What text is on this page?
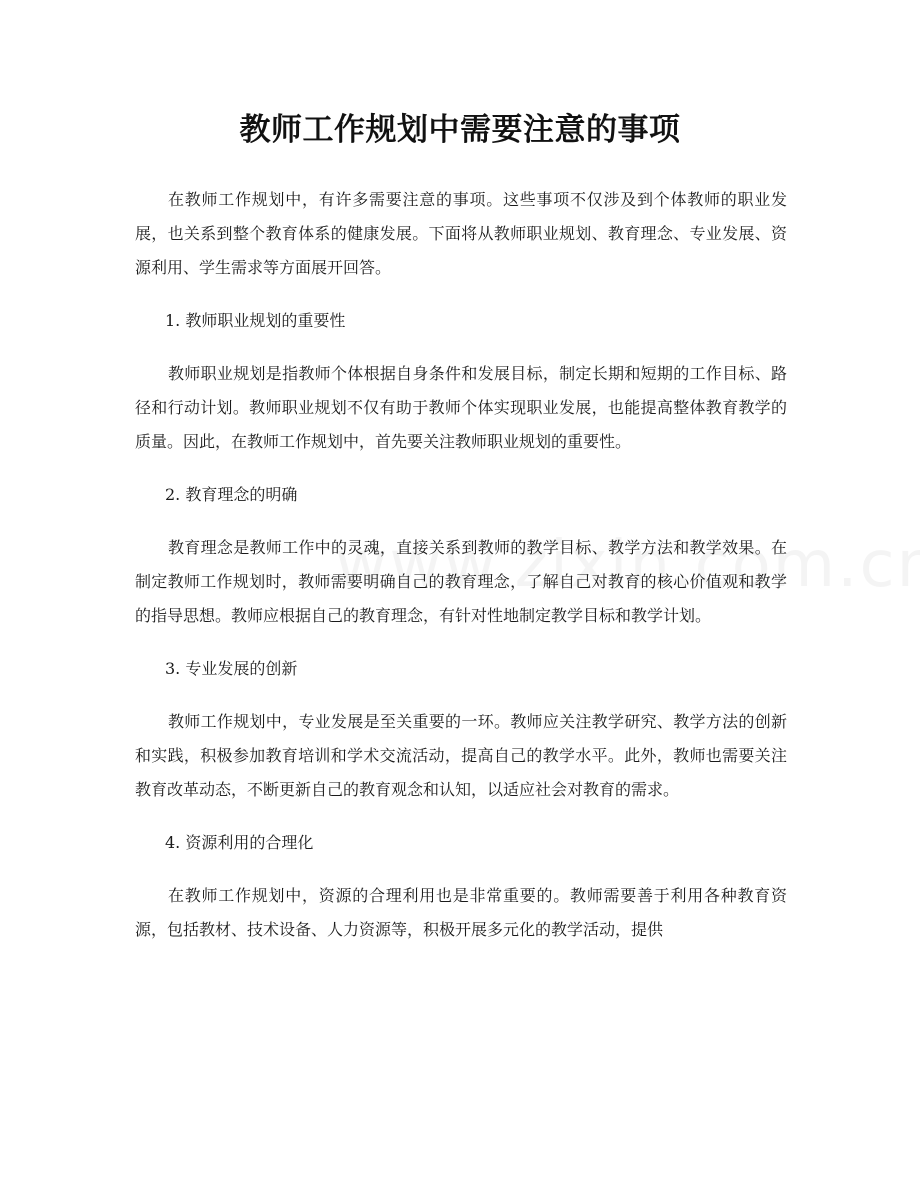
教师工作规划中需要注意的事项

在教师工作规划中，有许多需要注意的事项。这些事项不仅涉及到个体教师的职业发展，也关系到整个教育体系的健康发展。下面将从教师职业规划、教育理念、专业发展、资源利用、学生需求等方面展开回答。

1. 教师职业规划的重要性

教师职业规划是指教师个体根据自身条件和发展目标，制定长期和短期的工作目标、路径和行动计划。教师职业规划不仅有助于教师个体实现职业发展，也能提高整体教育教学的质量。因此，在教师工作规划中，首先要关注教师职业规划的重要性。

2. 教育理念的明确

教育理念是教师工作中的灵魂，直接关系到教师的教学目标、教学方法和教学效果。在制定教师工作规划时，教师需要明确自己的教育理念，了解自己对教育的核心价值观和教学的指导思想。教师应根据自己的教育理念，有针对性地制定教学目标和教学计划。

3. 专业发展的创新

教师工作规划中，专业发展是至关重要的一环。教师应关注教学研究、教学方法的创新和实践，积极参加教育培训和学术交流活动，提高自己的教学水平。此外，教师也需要关注教育改革动态，不断更新自己的教育观念和认知，以适应社会对教育的需求。

4. 资源利用的合理化

在教师工作规划中，资源的合理利用也是非常重要的。教师需要善于利用各种教育资源，包括教材、技术设备、人力资源等，积极开展多元化的教学活动，提供
